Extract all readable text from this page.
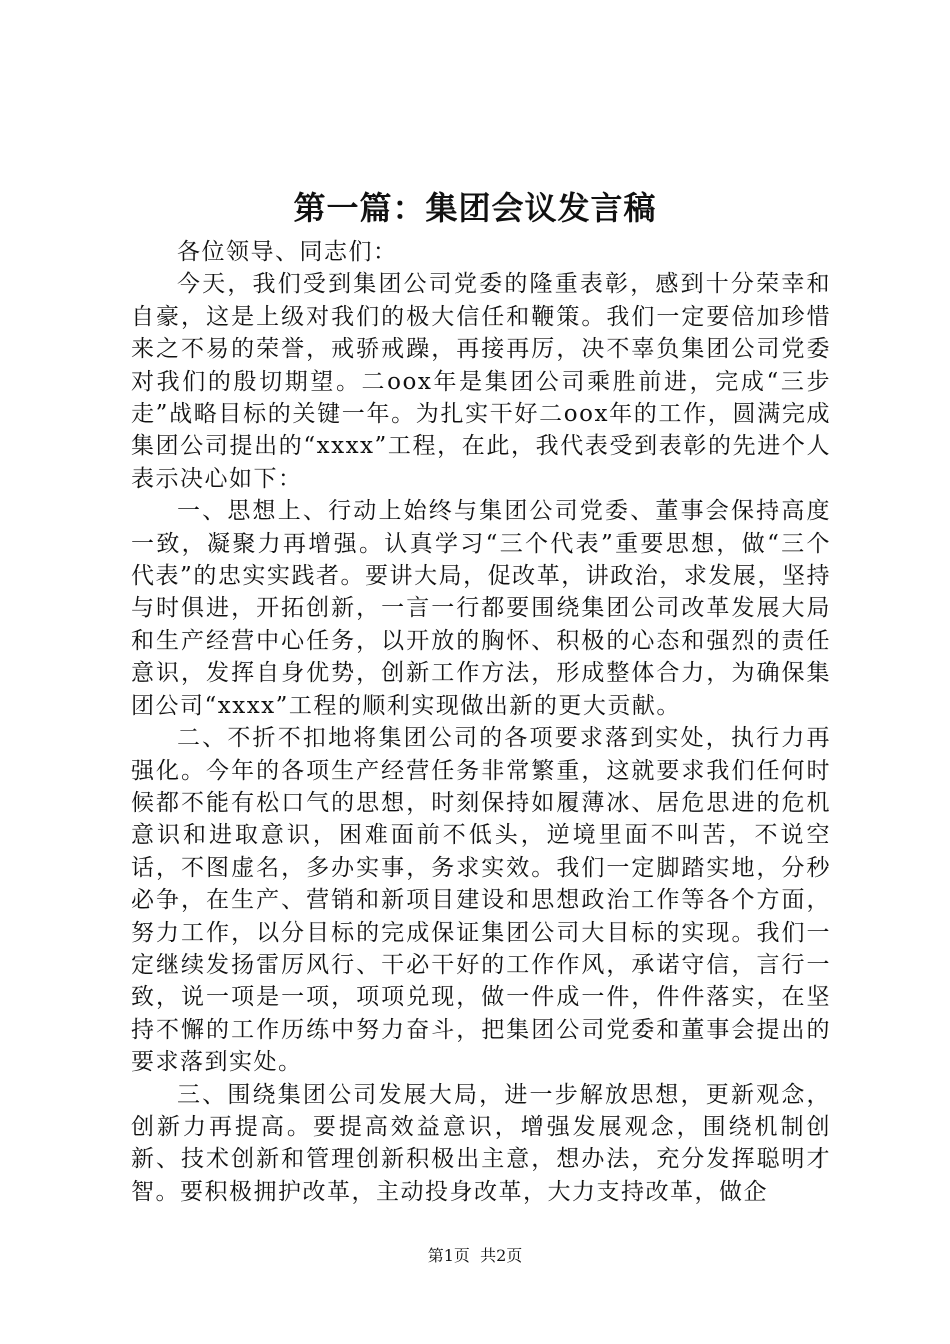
第一篇：集团会议发言稿

各位领导、同志们：

今天，我们受到集团公司党委的隆重表彰，感到十分荣幸和自豪，这是上级对我们的极大信任和鞭策。我们一定要倍加珍惜来之不易的荣誉，戒骄戒躁，再接再厉，决不辜负集团公司党委对我们的殷切期望。二oox年是集团公司乘胜前进，完成“三步走”战略目标的关键一年。为扎实干好二oox年的工作，圆满完成集团公司提出的“xxxx”工程，在此，我代表受到表彰的先进个人表示决心如下：

一、思想上、行动上始终与集团公司党委、董事会保持高度一致，凝聚力再增强。认真学习“三个代表”重要思想，做“三个代表”的忠实实践者。要讲大局，促改革，讲政治，求发展，坚持与时俱进，开拓创新，一言一行都要围绕集团公司改革发展大局和生产经营中心任务，以开放的胸怀、积极的心态和强烈的责任意识，发挥自身优势，创新工作方法，形成整体合力，为确保集团公司“xxxx”工程的顺利实现做出新的更大贡献。

二、不折不扣地将集团公司的各项要求落到实处，执行力再强化。今年的各项生产经营任务非常繁重，这就要求我们任何时候都不能有松口气的思想，时刻保持如履薄冰、居危思进的危机意识和进取意识，困难面前不低头，逆境里面不叫苦，不说空话，不图虚名，多办实事，务求实效。我们一定脚踏实地，分秒必争，在生产、营销和新项目建设和思想政治工作等各个方面，努力工作，以分目标的完成保证集团公司大目标的实现。我们一定继续发扬雷厉风行、干必干好的工作作风，承诺守信，言行一致，说一项是一项，项项兑现，做一件成一件，件件落实，在坚持不懈的工作历练中努力奋斗，把集团公司党委和董事会提出的要求落到实处。

三、围绕集团公司发展大局，进一步解放思想，更新观念，创新力再提高。要提高效益意识，增强发展观念，围绕机制创新、技术创新和管理创新积极出主意，想办法，充分发挥聪明才智。要积极拥护改革，主动投身改革，大力支持改革，做企

第1页 共2页
